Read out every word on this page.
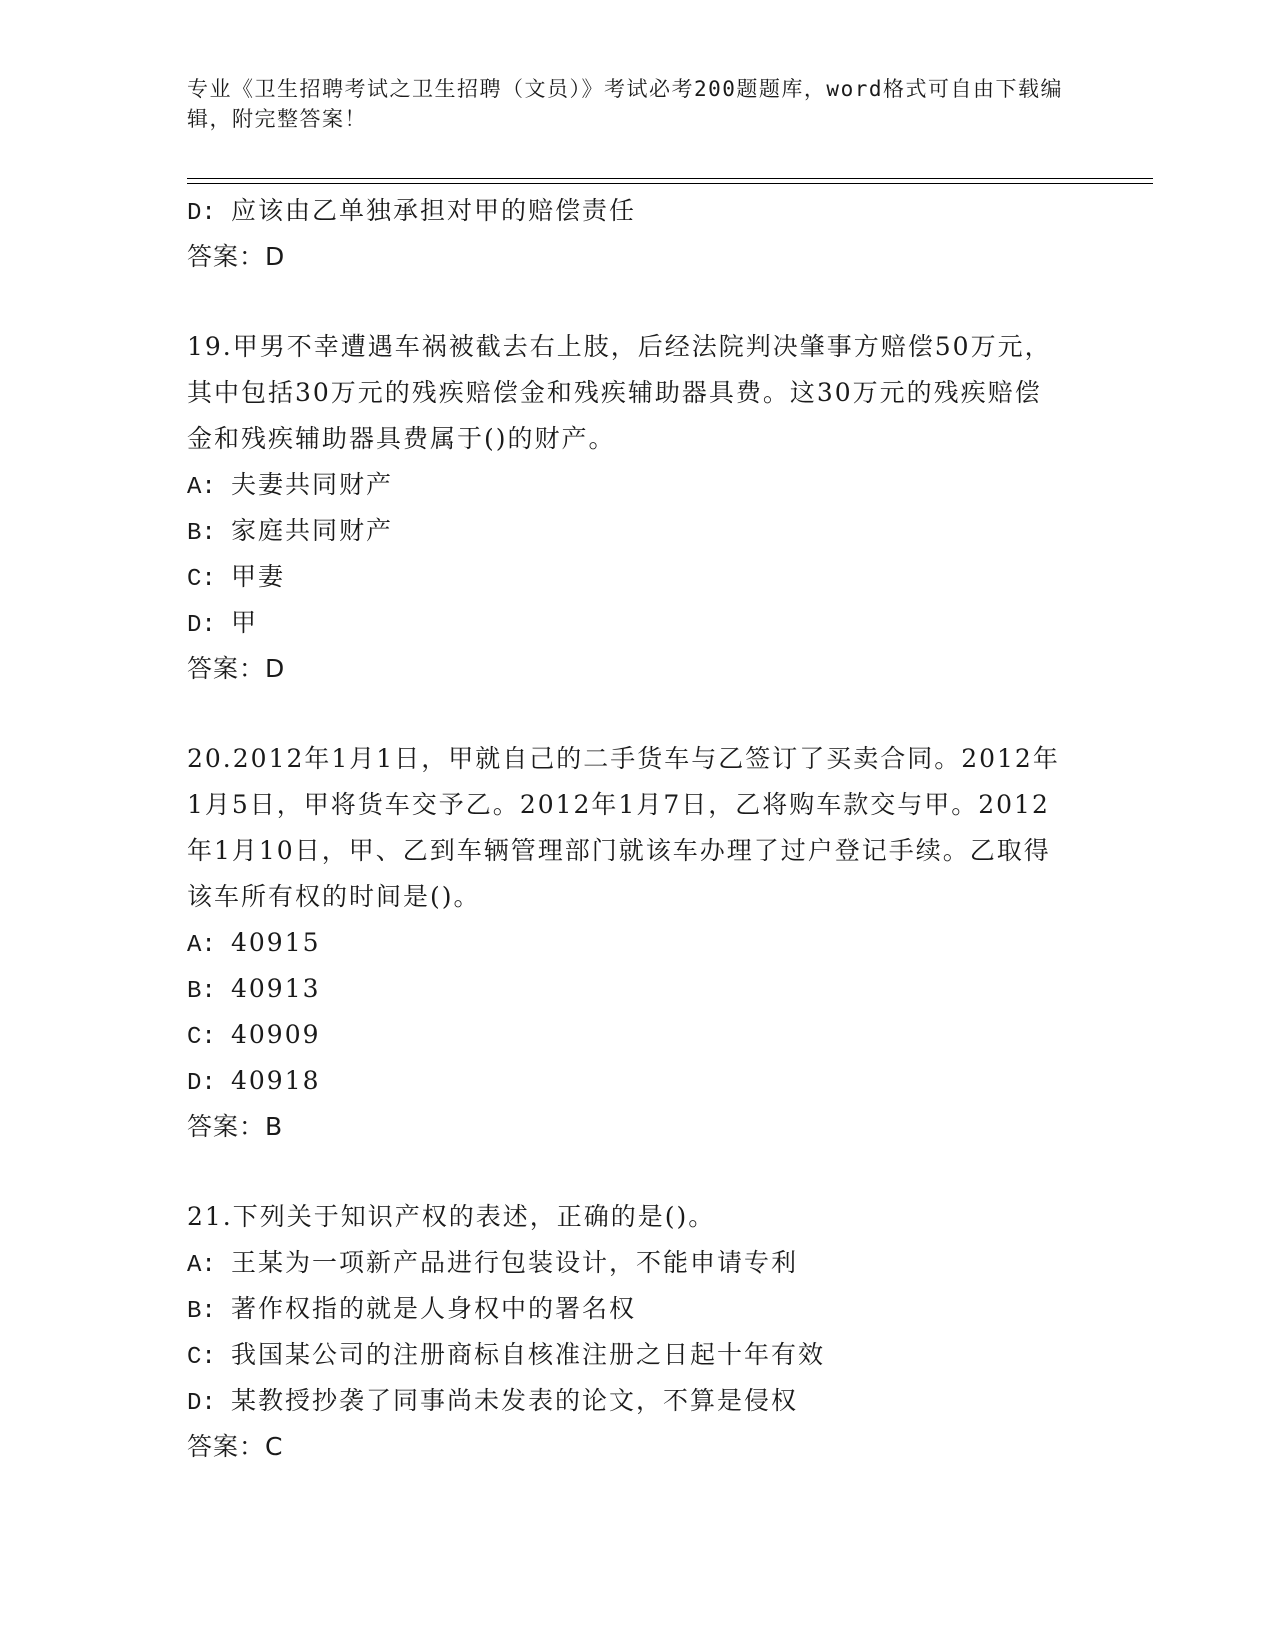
专业《卫生招聘考试之卫生招聘（文员）》考试必考200题题库，word格式可自由下载编辑，附完整答案！
D: 应该由乙单独承担对甲的赔偿责任
答案：D
19.甲男不幸遭遇车祸被截去右上肢，后经法院判决肇事方赔偿50万元，其中包括30万元的残疾赔偿金和残疾辅助器具费。这30万元的残疾赔偿金和残疾辅助器具费属于()的财产。
A: 夫妻共同财产
B: 家庭共同财产
C: 甲妻
D: 甲
答案：D
20.2012年1月1日，甲就自己的二手货车与乙签订了买卖合同。2012年1月5日，甲将货车交予乙。2012年1月7日，乙将购车款交与甲。2012年1月10日，甲、乙到车辆管理部门就该车办理了过户登记手续。乙取得该车所有权的时间是()。
A: 40915
B: 40913
C: 40909
D: 40918
答案：B
21.下列关于知识产权的表述，正确的是()。
A: 王某为一项新产品进行包装设计，不能申请专利
B: 著作权指的就是人身权中的署名权
C: 我国某公司的注册商标自核准注册之日起十年有效
D: 某教授抄袭了同事尚未发表的论文，不算是侵权
答案：C
